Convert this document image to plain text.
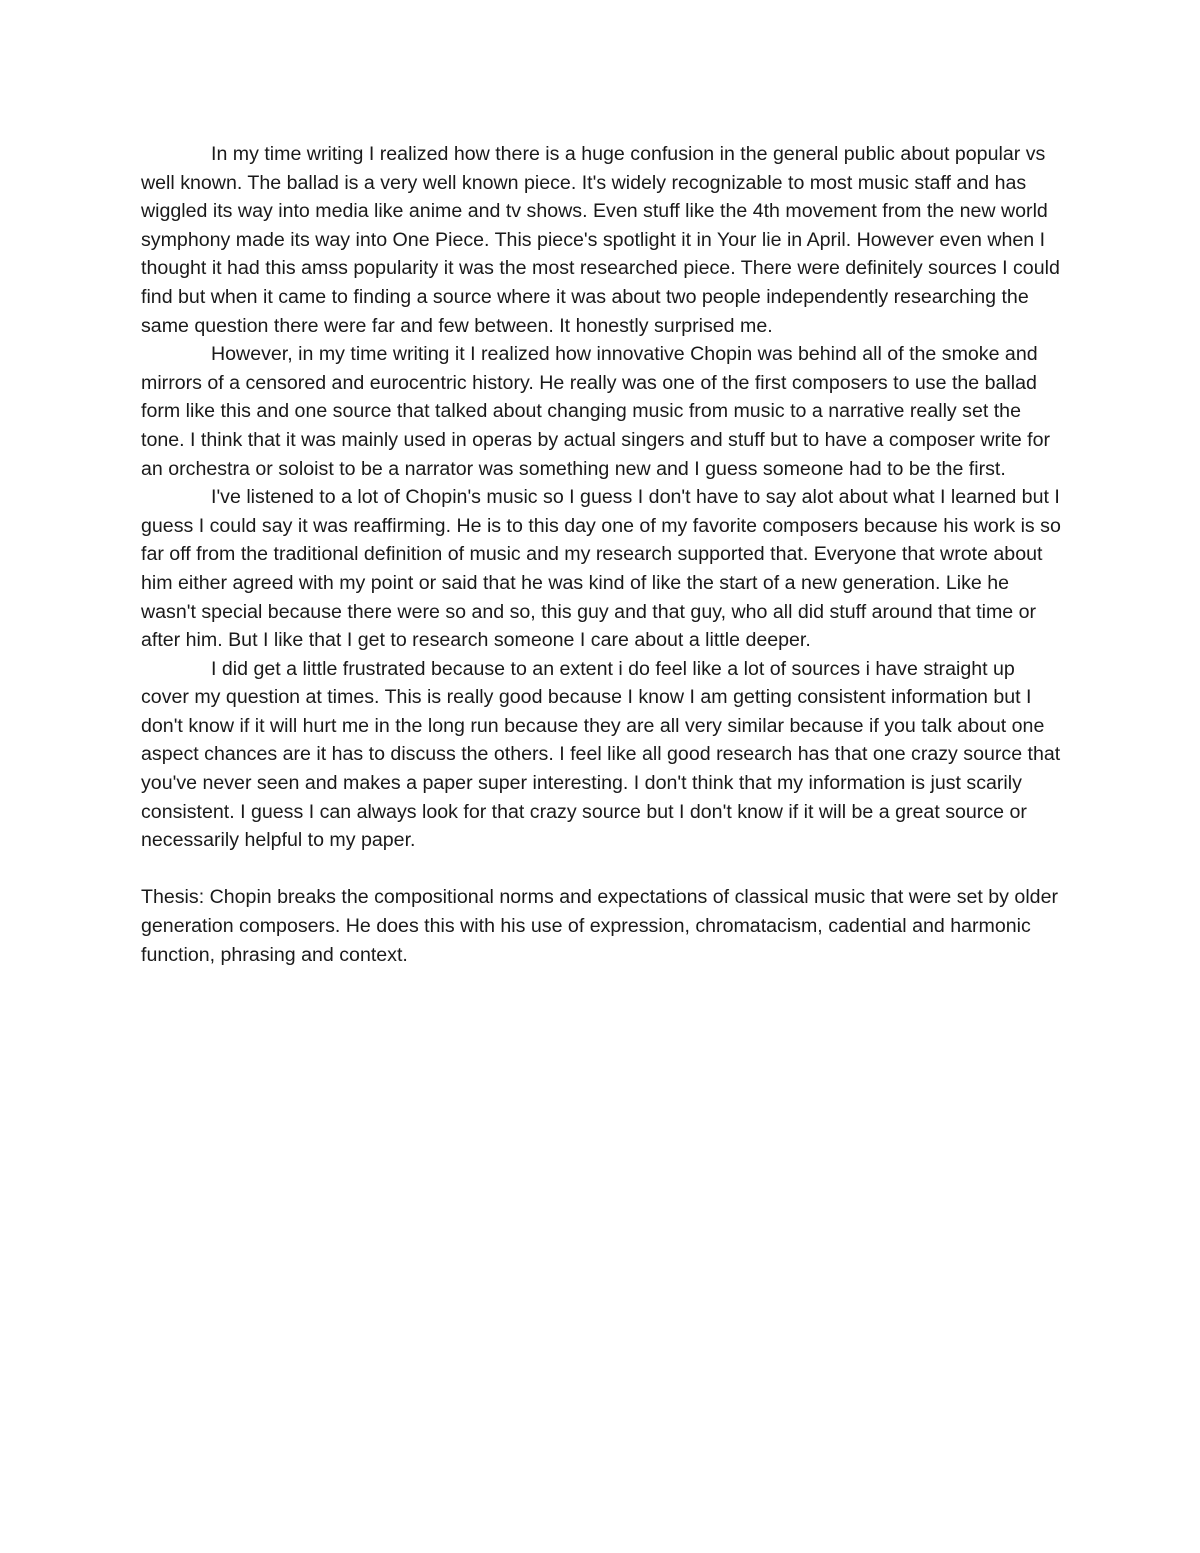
In my time writing I realized how there is a huge confusion in the general public about popular vs well known. The ballad is a very well known piece. It's widely recognizable to most music staff and has wiggled its way into media like anime and tv shows. Even stuff like the 4th movement from the new world symphony made its way into One Piece. This piece's spotlight it in Your lie in April. However even when I thought it had this amss popularity it was the most researched piece. There were definitely sources I could find but when it came to finding a source where it was about two people independently researching the same question there were far and few between. It honestly surprised me.

However, in my time writing it I realized how innovative Chopin was behind all of the smoke and mirrors of a censored and eurocentric history. He really was one of the first composers to use the ballad form like this and one source that talked about changing music from music to a narrative really set the tone. I think that it was mainly used in operas by actual singers and stuff but to have a composer write for an orchestra or soloist to be a narrator was something new and I guess someone had to be the first.

I've listened to a lot of Chopin's music so I guess I don't have to say alot about what I learned but I guess I could say it was reaffirming. He is to this day one of my favorite composers because his work is so far off from the traditional definition of music and my research supported that. Everyone that wrote about him either agreed with my point or said that he was kind of like the start of a new generation. Like he wasn't special because there were so and so, this guy and that guy, who all did stuff around that time or after him. But I like that I get to research someone I care about a little deeper.

I did get a little frustrated because to an extent i do feel like a lot of sources i have straight up cover my question at times. This is really good because I know I am getting consistent information but I don't know if it will hurt me in the long run because they are all very similar because if you talk about one aspect chances are it has to discuss the others. I feel like all good research has that one crazy source that you've never seen and makes a paper super interesting. I don't think that my information is just scarily consistent. I guess I can always look for that crazy source but I don't know if it will be a great source or necessarily helpful to my paper.

Thesis: Chopin breaks the compositional norms and expectations of classical music that were set by older generation composers. He does this with his use of expression, chromatacism, cadential and harmonic function, phrasing and context.
